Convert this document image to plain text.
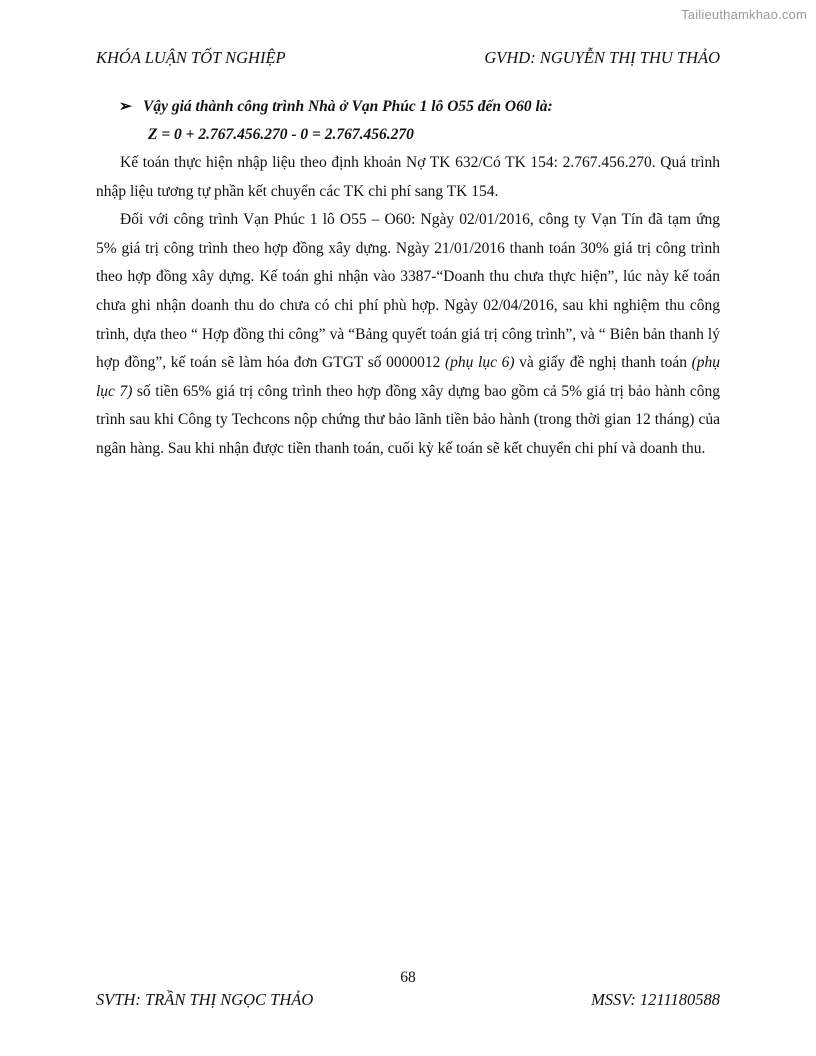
Tailieuthamkhao.com
KHÓA LUẬN TỐT NGHIỆP	GVHD: NGUYỄN THỊ THU THẢO
➢ Vậy giá thành công trình Nhà ở Vạn Phúc 1 lô O55 đến O60 là:
Z = 0 + 2.767.456.270 - 0 = 2.767.456.270

Kế toán thực hiện nhập liệu theo định khoản Nợ TK 632/Có TK 154: 2.767.456.270. Quá trình nhập liệu tương tự phần kết chuyển các TK chi phí sang TK 154.

Đối với công trình Vạn Phúc 1 lô O55 – O60: Ngày 02/01/2016, công ty Vạn Tín đã tạm ứng 5% giá trị công trình theo hợp đồng xây dựng. Ngày 21/01/2016 thanh toán 30% giá trị công trình theo hợp đồng xây dựng. Kế toán ghi nhận vào 3387-“Doanh thu chưa thực hiện”, lúc này kế toán chưa ghi nhận doanh thu do chưa có chi phí phù hợp. Ngày 02/04/2016, sau khi nghiệm thu công trình, dựa theo “ Hợp đồng thi công” và “Bảng quyết toán giá trị công trình”, và “ Biên bản thanh lý hợp đồng”, kế toán sẽ làm hóa đơn GTGT số 0000012 (phụ lục 6) và giấy đề nghị thanh toán (phụ lục 7) số tiền 65% giá trị công trình theo hợp đồng xây dựng bao gồm cả 5% giá trị bảo hành công trình sau khi Công ty Techcons nộp chứng thư bảo lãnh tiền bảo hành (trong thời gian 12 tháng) của ngân hàng. Sau khi nhận được tiền thanh toán, cuối kỳ kế toán sẽ kết chuyển chi phí và doanh thu.

68
SVTH: TRẦN THỊ NGỌC THẢO	MSSV: 1211180588
